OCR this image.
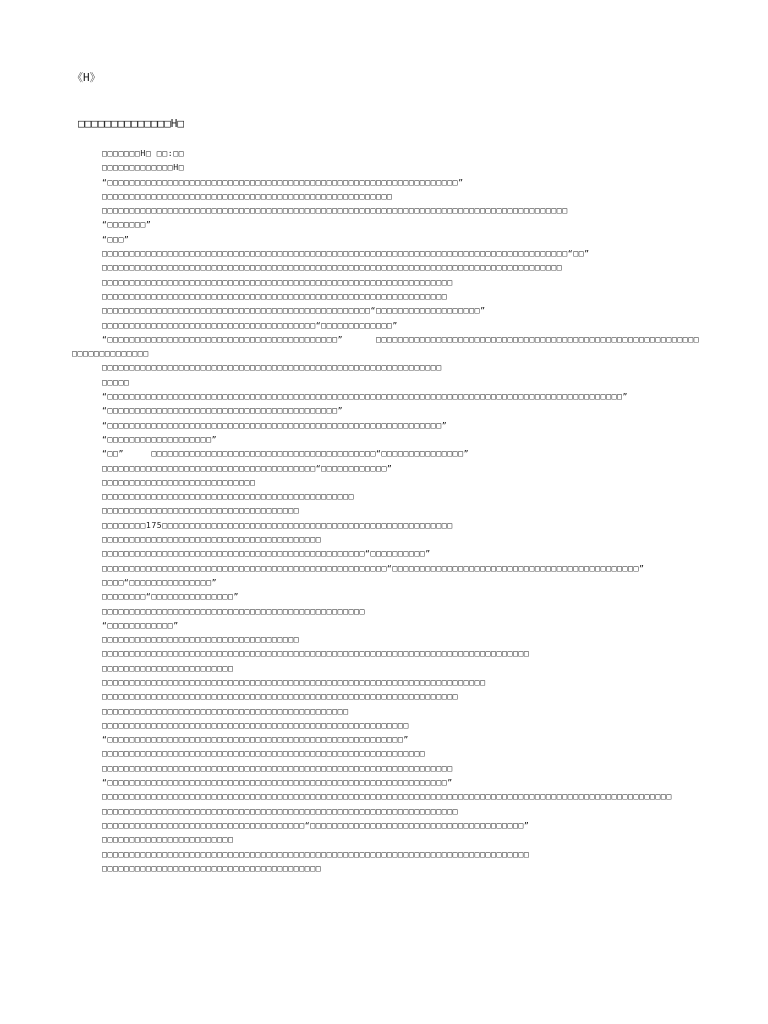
《H》
□□□□□□□□□□□□□□H□

□□□□□□□H□ □□:□□

□□□□□□□□□□□□□H□

“□□□□□□□□□□□□□□□□□□□□□□□□□□□□□□□□□□□□□□□□□□□□□□□□□□□□□□□□□□□□□□□□”

□□□□□□□□□□□□□□□□□□□□□□□□□□□□□□□□□□□□□□□□□□□□□□□□□□□□□

□□□□□□□□□□□□□□□□□□□□□□□□□□□□□□□□□□□□□□□□□□□□□□□□□□□□□□□□□□□□□□□□□□□□□□□□□□□□□□□□□□□□□

“□□□□□□□”

“□□□”

□□□□□□□□□□□□□□□□□□□□□□□□□□□□□□□□□□□□□□□□□□□□□□□□□□□□□□□□□□□□□□□□□□□□□□□□□□□□□□□□□□□□□“□□”

□□□□□□□□□□□□□□□□□□□□□□□□□□□□□□□□□□□□□□□□□□□□□□□□□□□□□□□□□□□□□□□□□□□□□□□□□□□□□□□□□□□□

□□□□□□□□□□□□□□□□□□□□□□□□□□□□□□□□□□□□□□□□□□□□□□□□□□□□□□□□□□□□□□□□

□□□□□□□□□□□□□□□□□□□□□□□□□□□□□□□□□□□□□□□□□□□□□□□□□□□□□□□□□□□□□□□

□□□□□□□□□□□□□□□□□□□□□□□□□□□□□□□□□□□□□□□□□□□□□□□□□“□□□□□□□□□□□□□□□□□□□”

□□□□□□□□□□□□□□□□□□□□□□□□□□□□□□□□□□□□□□□“□□□□□□□□□□□□□”

“□□□□□□□□□□□□□□□□□□□□□□□□□□□□□□□□□□□□□□□□□□”      □□□□□□□□□□□□□□□□□□□□□□□□□□□□□□□□□□□□□□□□□□□□□□□□□□□□□□□□□□□□□□□□□□□□□□□□□

□□□□□□□□□□□□□□□□□□□□□□□□□□□□□□□□□□□□□□□□□□□□□□□□□□□□□□□□□□□□□□

□□□□□

“□□□□□□□□□□□□□□□□□□□□□□□□□□□□□□□□□□□□□□□□□□□□□□□□□□□□□□□□□□□□□□□□□□□□□□□□□□□□□□□□□□□□□□□□□□□□□□”

“□□□□□□□□□□□□□□□□□□□□□□□□□□□□□□□□□□□□□□□□□□”

“□□□□□□□□□□□□□□□□□□□□□□□□□□□□□□□□□□□□□□□□□□□□□□□□□□□□□□□□□□□□□”

“□□□□□□□□□□□□□□□□□□□”

“□□”     □□□□□□□□□□□□□□□□□□□□□□□□□□□□□□□□□□□□□□□□□“□□□□□□□□□□□□□□□”

□□□□□□□□□□□□□□□□□□□□□□□□□□□□□□□□□□□□□□□“□□□□□□□□□□□□”

□□□□□□□□□□□□□□□□□□□□□□□□□□□□

□□□□□□□□□□□□□□□□□□□□□□□□□□□□□□□□□□□□□□□□□□□□□□

□□□□□□□□□□□□□□□□□□□□□□□□□□□□□□□□□□□□

□□□□□□□□175□□□□□□□□□□□□□□□□□□□□□□□□□□□□□□□□□□□□□□□□□□□□□□□□□□□□□

□□□□□□□□□□□□□□□□□□□□□□□□□□□□□□□□□□□□□□□□

□□□□□□□□□□□□□□□□□□□□□□□□□□□□□□□□□□□□□□□□□□□□□□□□“□□□□□□□□□□”

□□□□□□□□□□□□□□□□□□□□□□□□□□□□□□□□□□□□□□□□□□□□□□□□□□□□“□□□□□□□□□□□□□□□□□□□□□□□□□□□□□□□□□□□□□□□□□□□□□”

□□□□“□□□□□□□□□□□□□□□”

□□□□□□□□“□□□□□□□□□□□□□□□”

□□□□□□□□□□□□□□□□□□□□□□□□□□□□□□□□□□□□□□□□□□□□□□□□

“□□□□□□□□□□□□”

□□□□□□□□□□□□□□□□□□□□□□□□□□□□□□□□□□□□

□□□□□□□□□□□□□□□□□□□□□□□□□□□□□□□□□□□□□□□□□□□□□□□□□□□□□□□□□□□□□□□□□□□□□□□□□□□□□□

□□□□□□□□□□□□□□□□□□□□□□□□

□□□□□□□□□□□□□□□□□□□□□□□□□□□□□□□□□□□□□□□□□□□□□□□□□□□□□□□□□□□□□□□□□□□□□□

□□□□□□□□□□□□□□□□□□□□□□□□□□□□□□□□□□□□□□□□□□□□□□□□□□□□□□□□□□□□□□□□□

□□□□□□□□□□□□□□□□□□□□□□□□□□□□□□□□□□□□□□□□□□□□□

□□□□□□□□□□□□□□□□□□□□□□□□□□□□□□□□□□□□□□□□□□□□□□□□□□□□□□□□

“□□□□□□□□□□□□□□□□□□□□□□□□□□□□□□□□□□□□□□□□□□□□□□□□□□□□□□”

□□□□□□□□□□□□□□□□□□□□□□□□□□□□□□□□□□□□□□□□□□□□□□□□□□□□□□□□□□□

□□□□□□□□□□□□□□□□□□□□□□□□□□□□□□□□□□□□□□□□□□□□□□□□□□□□□□□□□□□□□□□□

“□□□□□□□□□□□□□□□□□□□□□□□□□□□□□□□□□□□□□□□□□□□□□□□□□□□□□□□□□□□□□□”

□□□□□□□□□□□□□□□□□□□□□□□□□□□□□□□□□□□□□□□□□□□□□□□□□□□□□□□□□□□□□□□□□□□□□□□□□□□□□□□□□□□□□□□□□□□□□□□□□□□□□□□□

□□□□□□□□□□□□□□□□□□□□□□□□□□□□□□□□□□□□□□□□□□□□□□□□□□□□□□□□□□□□□□□□□

□□□□□□□□□□□□□□□□□□□□□□□□□□□□□□□□□□□□□“□□□□□□□□□□□□□□□□□□□□□□□□□□□□□□□□□□□□□□□”

□□□□□□□□□□□□□□□□□□□□□□□□

□□□□□□□□□□□□□□□□□□□□□□□□□□□□□□□□□□□□□□□□□□□□□□□□□□□□□□□□□□□□□□□□□□□□□□□□□□□□□□

□□□□□□□□□□□□□□□□□□□□□□□□□□□□□□□□□□□□□□□□
